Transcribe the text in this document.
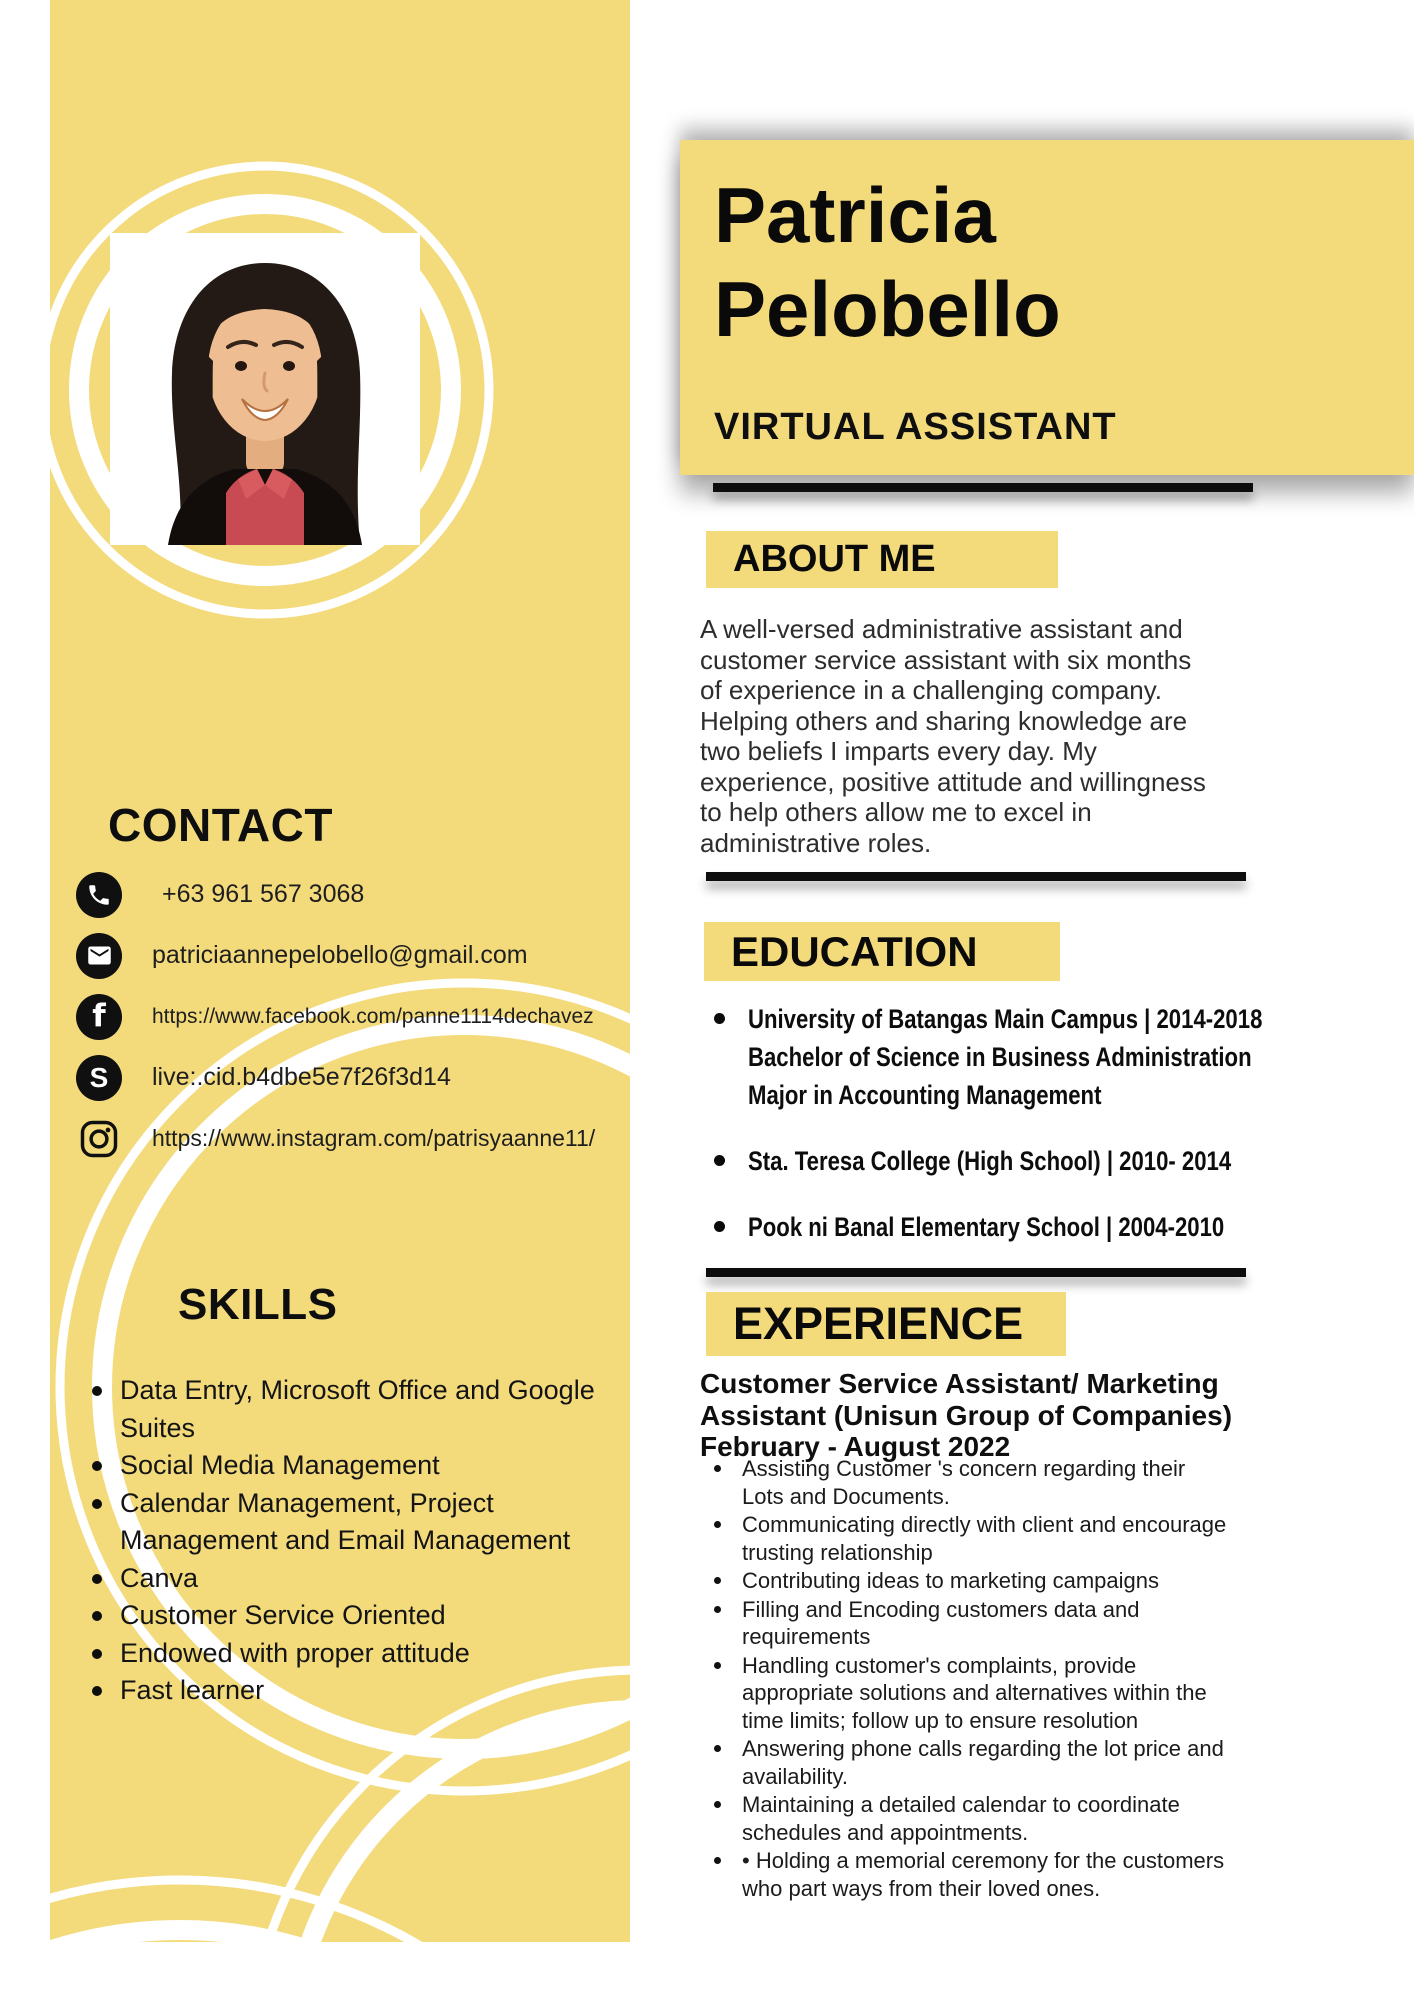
CONTACT
+63 961 567 3068
patriciaannepelobello@gmail.com
f
https://www.facebook.com/panne1114dechavez
S
live:.cid.b4dbe5e7f26f3d14
https://www.instagram.com/patrisyaanne11/
SKILLS
Data Entry, Microsoft Office and Google Suites
Social Media Management
Calendar Management, Project Management and Email Management
Canva
Customer Service Oriented
Endowed with proper attitude
Fast learner
Patricia
Pelobello
VIRTUAL ASSISTANT
ABOUT ME
A well-versed administrative assistant and customer service assistant with six months of experience in a challenging company. Helping others and sharing knowledge are two beliefs I imparts every day. My experience, positive attitude and willingness to help others allow me to excel in administrative roles.
EDUCATION
University of Batangas Main Campus | 2014-2018
Bachelor of Science in Business Administration Major in Accounting Management
Sta. Teresa College (High School) | 2010- 2014
Pook ni Banal Elementary School | 2004-2010
EXPERIENCE
Customer Service Assistant/ Marketing Assistant (Unisun Group of Companies) February - August 2022
Assisting Customer 's concern regarding their Lots and Documents.
Communicating directly with client and encourage trusting relationship
Contributing ideas to marketing campaigns
Filling and Encoding customers data and requirements
Handling customer's complaints, provide appropriate solutions and alternatives within the time limits; follow up to ensure resolution
Answering phone calls regarding the lot price and availability.
Maintaining a detailed calendar to coordinate schedules and appointments.
• Holding a memorial ceremony for the customers who part ways from their loved ones.
